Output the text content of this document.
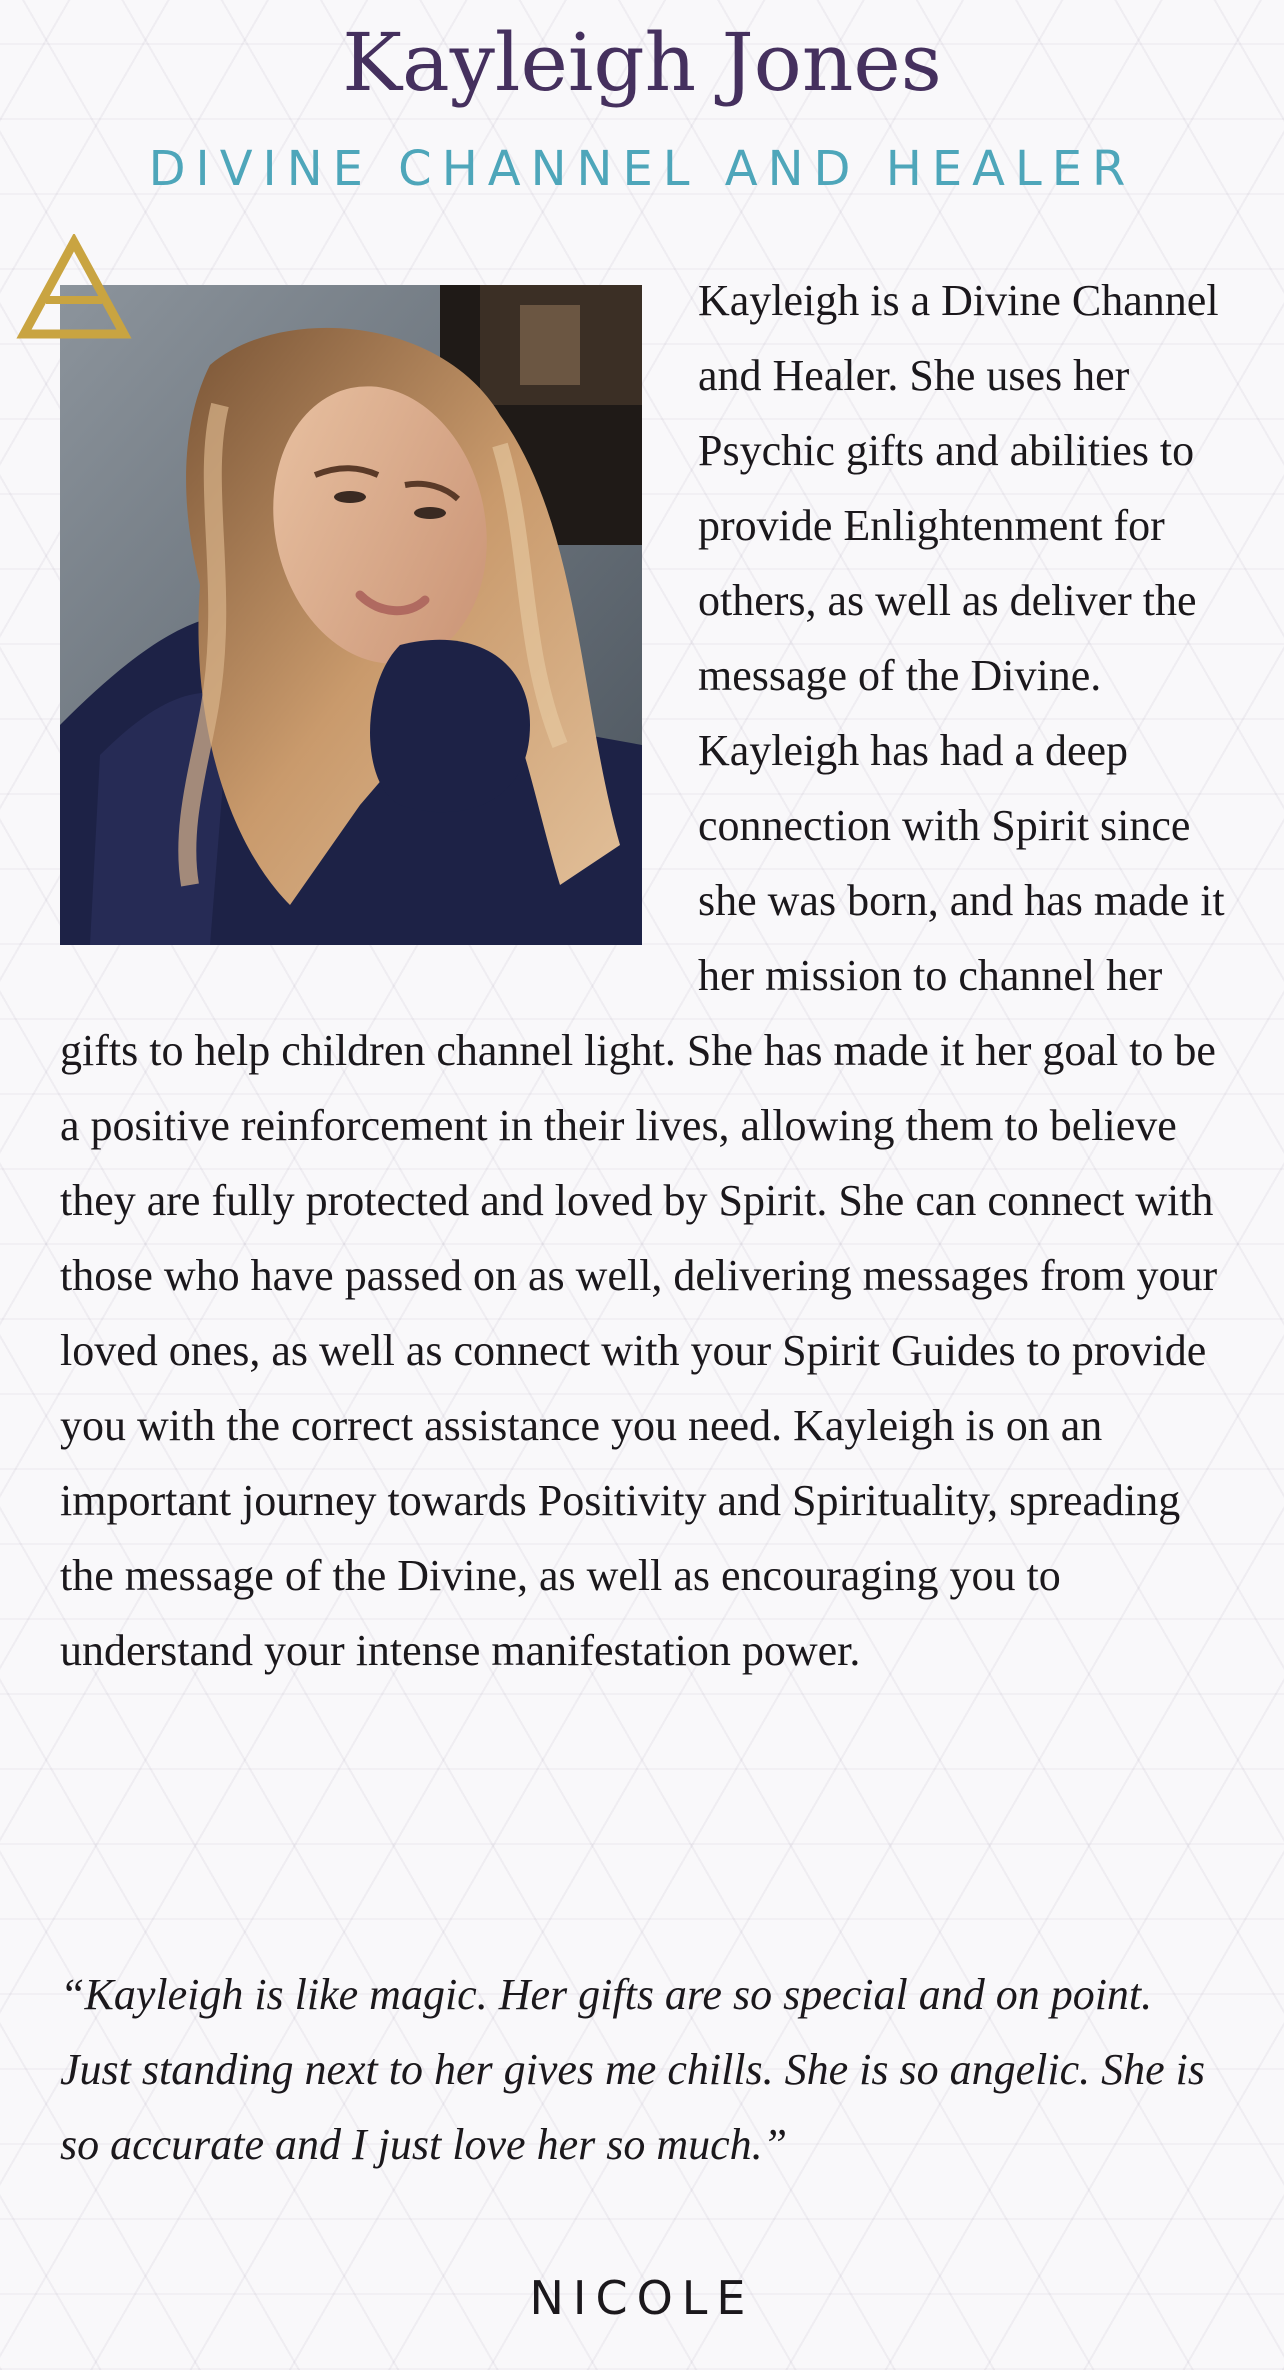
Kayleigh Jones

DIVINE CHANNEL AND HEALER

Kayleigh is a Divine Channel and Healer. She uses her Psychic gifts and abilities to provide Enlightenment for others, as well as deliver the message of the Divine. Kayleigh has had a deep connection with Spirit since she was born, and has made it her mission to channel her gifts to help children channel light. She has made it her goal to be a positive reinforcement in their lives, allowing them to believe they are fully protected and loved by Spirit. She can connect with those who have passed on as well, delivering messages from your loved ones, as well as connect with your Spirit Guides to provide you with the correct assistance you need. Kayleigh is on an important journey towards Positivity and Spirituality, spreading the message of the Divine, as well as encouraging you to understand your intense manifestation power.

“Kayleigh is like magic. Her gifts are so special and on point. Just standing next to her gives me chills. She is so angelic. She is so accurate and I just love her so much.”

NICOLE
